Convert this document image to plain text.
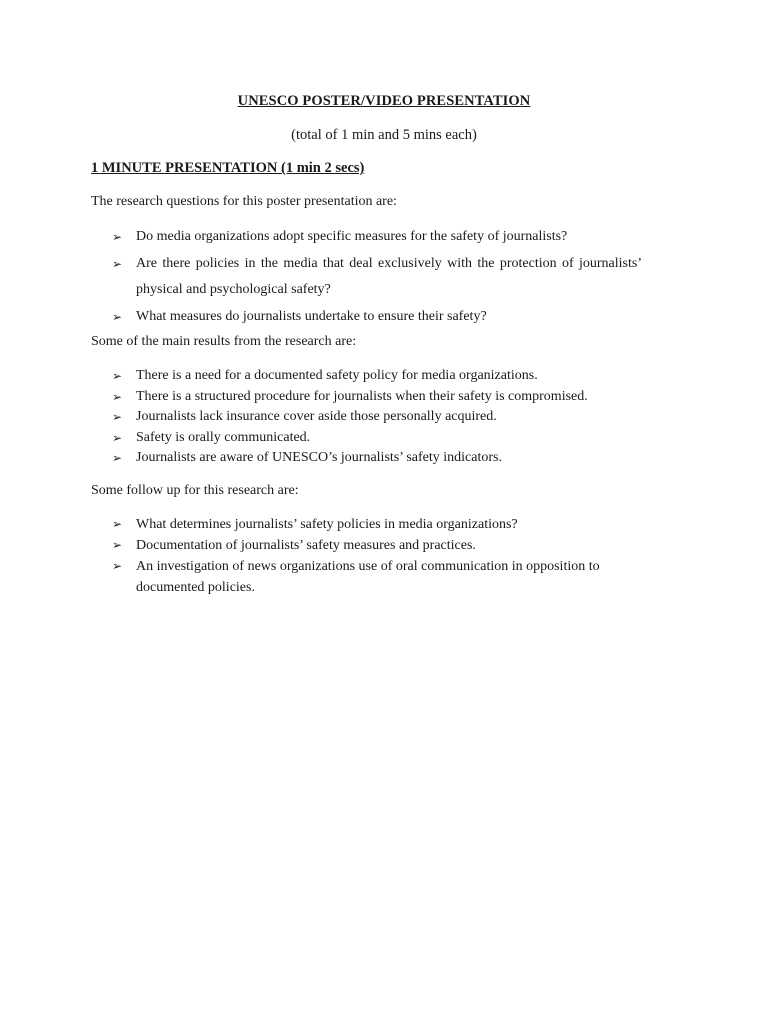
UNESCO POSTER/VIDEO PRESENTATION
(total of 1 min and 5 mins each)
1 MINUTE PRESENTATION (1 min 2 secs)
The research questions for this poster presentation are:
➢ Do media organizations adopt specific measures for the safety of journalists?
➢ Are there policies in the media that deal exclusively with the protection of journalists’ physical and psychological safety?
➢ What measures do journalists undertake to ensure their safety?
Some of the main results from the research are:
➢ There is a need for a documented safety policy for media organizations.
➢ There is a structured procedure for journalists when their safety is compromised.
➢ Journalists lack insurance cover aside those personally acquired.
➢ Safety is orally communicated.
➢ Journalists are aware of UNESCO’s journalists’ safety indicators.
Some follow up for this research are:
➢ What determines journalists’ safety policies in media organizations?
➢ Documentation of journalists’ safety measures and practices.
➢ An investigation of news organizations use of oral communication in opposition to documented policies.
